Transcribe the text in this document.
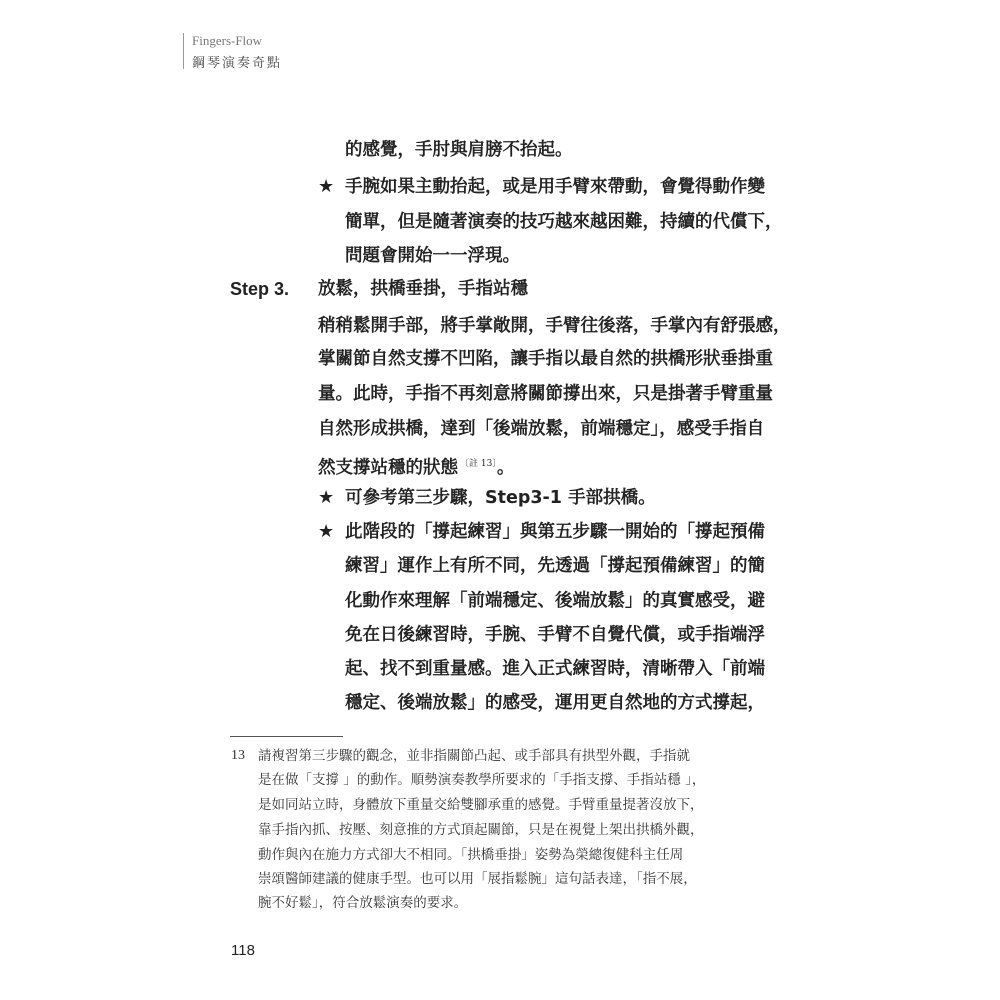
Fingers-Flow
鋼琴演奏奇點
的感覺，手肘與肩膀不抬起。
★ 手腕如果主動抬起，或是用手臂來帶動，會覺得動作變
簡單，但是隨著演奏的技巧越來越困難，持續的代償下，
問題會開始一一浮現。
Step 3. 放鬆，拱橋垂掛，手指站穩
稍稍鬆開手部，將手掌敞開，手臂往後落，手掌內有舒張感，
掌關節自然支撐不凹陷，讓手指以最自然的拱橋形狀垂掛重
量。此時，手指不再刻意將關節撐出來，只是掛著手臂重量
自然形成拱橋，達到「後端放鬆，前端穩定」，感受手指自
然支撐站穩的狀態 $^{〔註 13〕}$。
★ 可參考第三步驟，Step3-1 手部拱橋。
★ 此階段的「撐起練習」與第五步驟一開始的「撐起預備
練習」運作上有所不同，先透過「撐起預備練習」的簡
化動作來理解「前端穩定、後端放鬆」的真實感受，避
免在日後練習時，手腕、手臂不自覺代償，或手指端浮
起、找不到重量感。進入正式練習時，清晰帶入「前端
穩定、後端放鬆」的感受，運用更自然地的方式撐起，
13 請複習第三步驟的觀念，並非指關節凸起、或手部具有拱型外觀，手指就
是在做「支撐 」的動作。順勢演奏教學所要求的「手指支撐、手指站穩 」，
是如同站立時，身體放下重量交給雙腳承重的感覺。手臂重量提著沒放下，
靠手指內抓、按壓、刻意推的方式頂起關節，只是在視覺上架出拱橋外觀，
動作與內在施力方式卻大不相同。「拱橋垂掛」姿勢為榮總復健科主任周
崇頌醫師建議的健康手型。也可以用「展指鬆腕」這句話表達，「指不展，
腕不好鬆」，符合放鬆演奏的要求。
118
